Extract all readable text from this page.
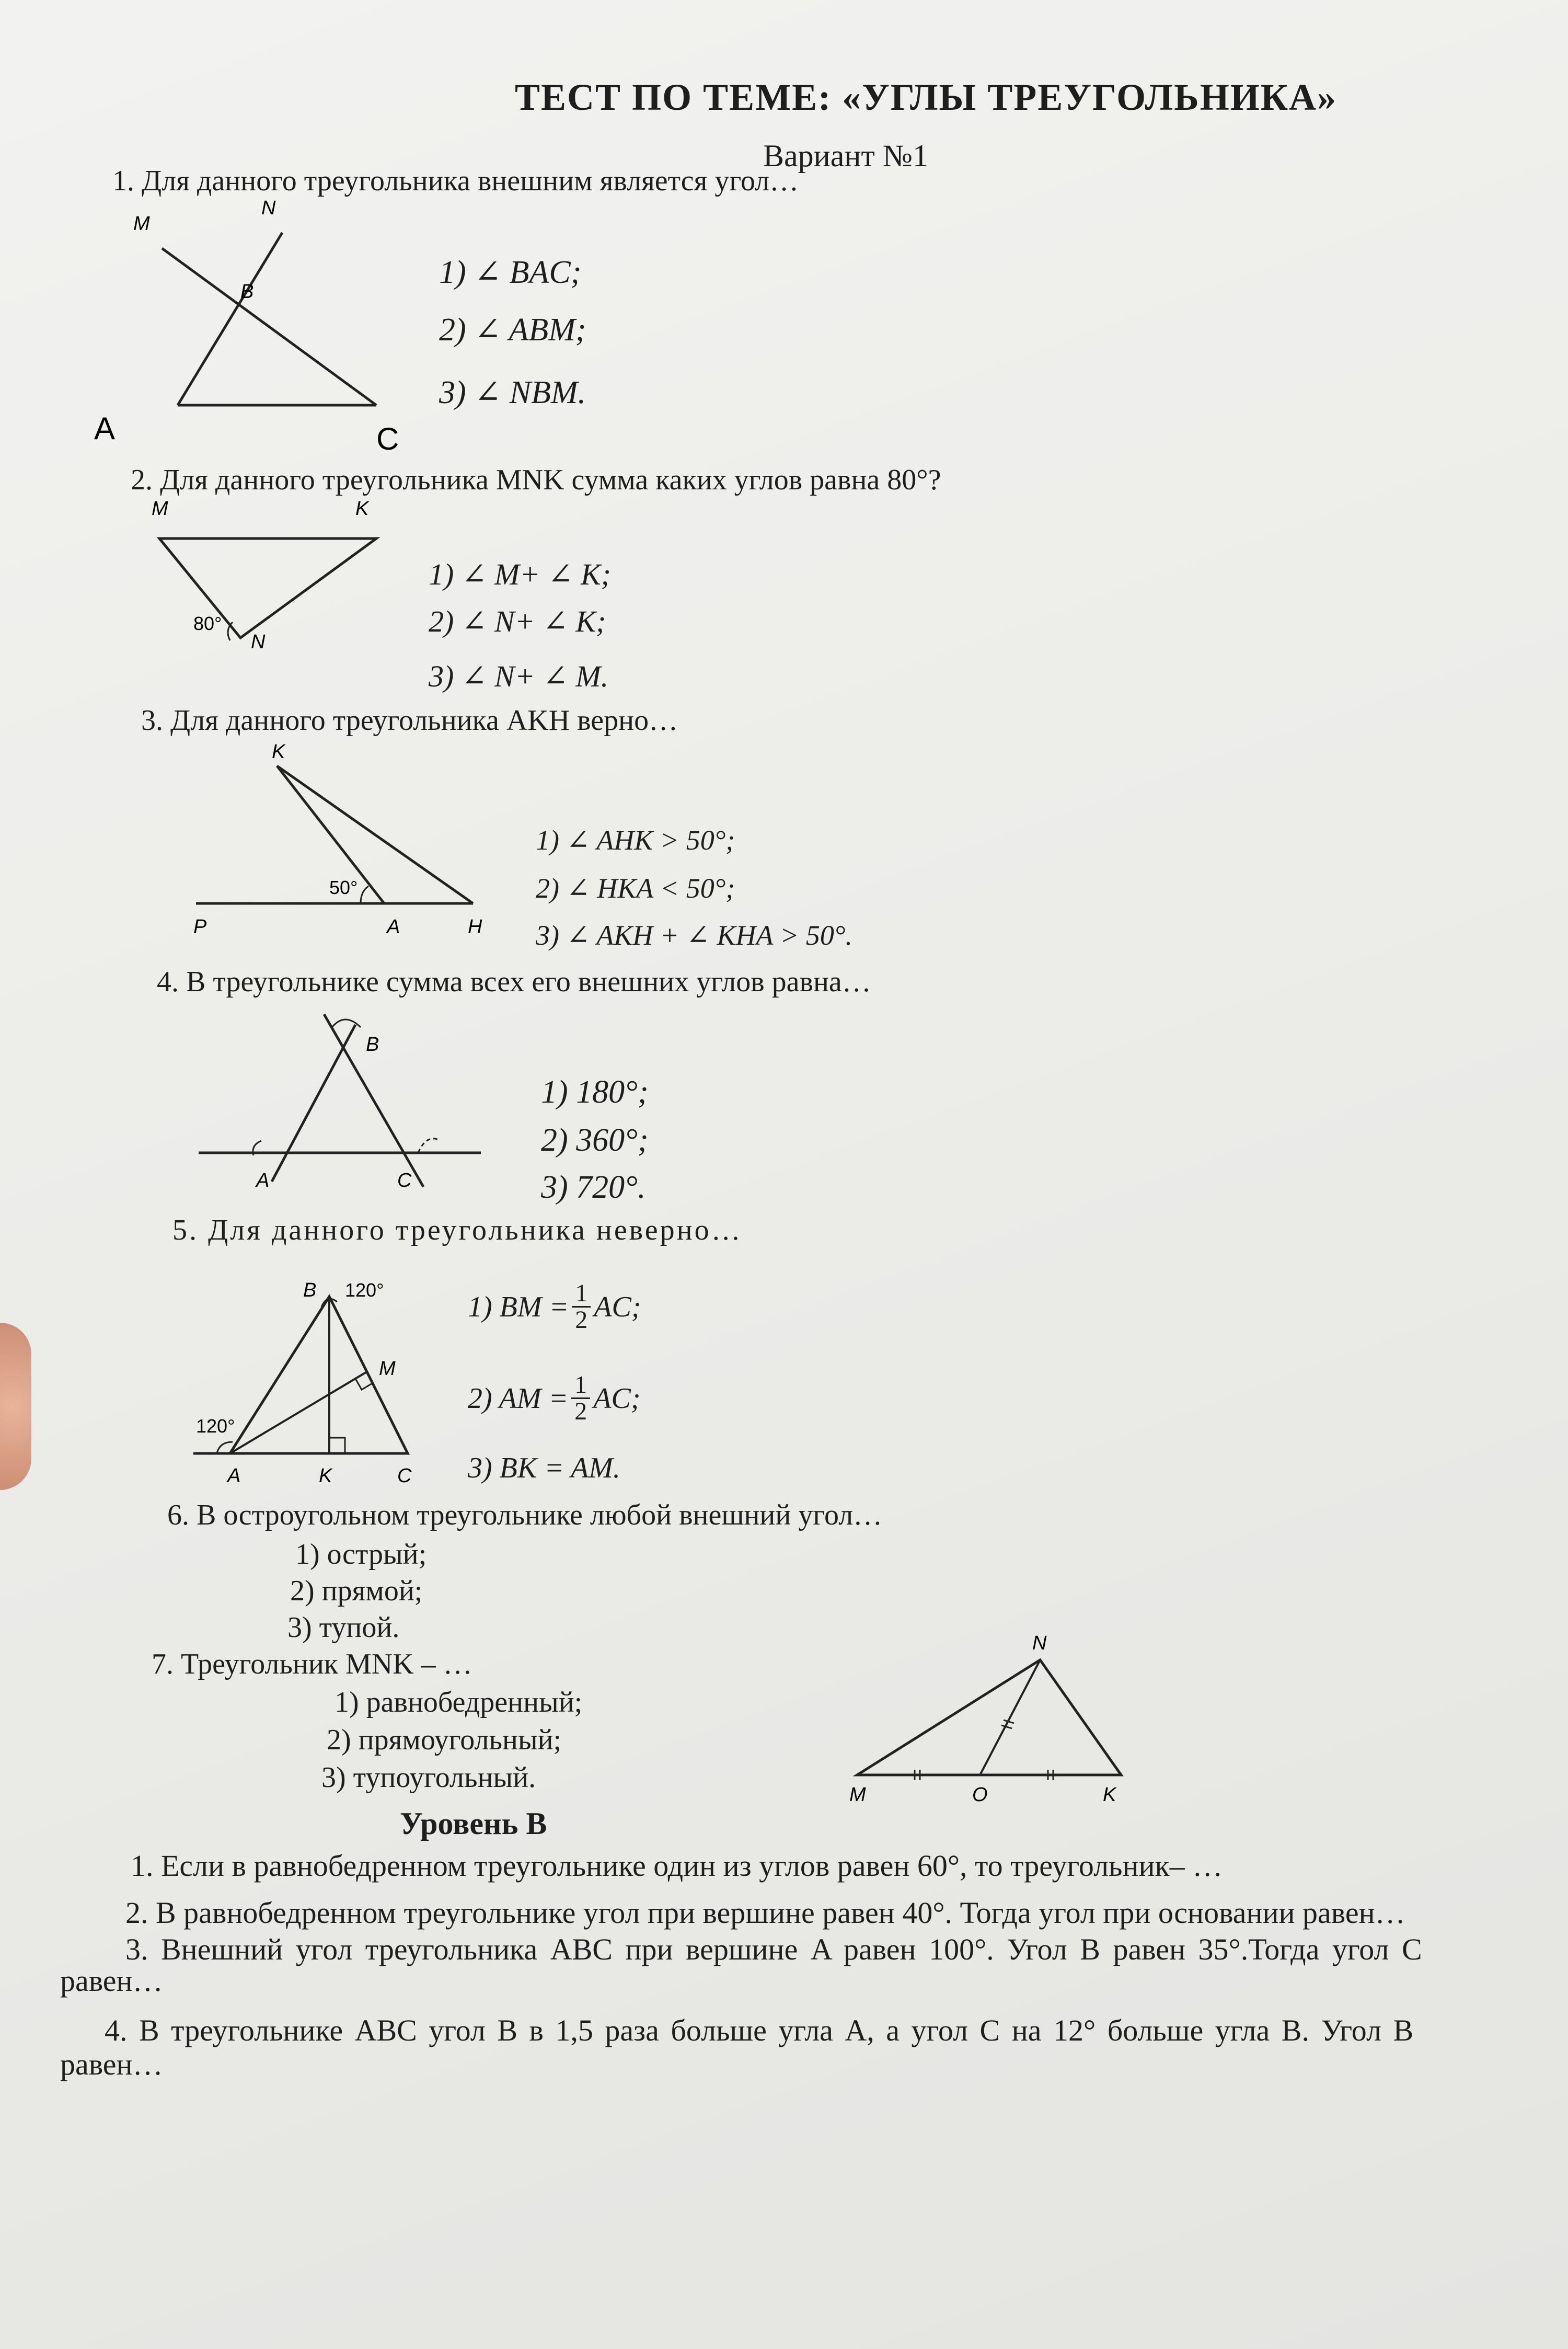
ТЕСТ ПО ТЕМЕ: «УГЛЫ ТРЕУГОЛЬНИКА»
Вариант №1
1. Для данного треугольника внешним является угол…
M
N
B
A	C
1) ∠ BAC;
2) ∠ ABM;
3) ∠ NBM.
2. Для данного треугольника MNK сумма каких углов равна 80°?
M	K
N
80°
1) ∠ M+ ∠ K;
2) ∠ N+ ∠ K;
3) ∠ N+ ∠ M.
3. Для данного треугольника AKH верно…
K
P	A	H
50°
1) ∠ AHK > 50°;
2) ∠ HKA < 50°;
3) ∠ AKH + ∠ KHA > 50°.
4. В треугольнике сумма всех его внешних углов равна…
B
A	C
1) 180°;
2) 360°;
3) 720°.
5. Для данного треугольника неверно…
B 120°
M
120°
A	K	C
1) BM = $\frac{1}{2}$ AC;
2) AM = $\frac{1}{2}$ AC;
3) BK = AM.
6. В остроугольном треугольнике любой внешний угол…
1) острый;
2) прямой;
3) тупой.
7. Треугольник MNK – …
1) равнобедренный;
2) прямоугольный;
3) тупоугольный.
N
M	O	K
Уровень В
1. Если в равнобедренном треугольнике один из углов равен 60°, то треугольник– …
2. В равнобедренном треугольнике угол при вершине равен 40°. Тогда угол при основании равен…
3. Внешний угол треугольника ABC при вершине A равен 100°. Угол B равен 35°.Тогда угол C
равен…
4. В треугольнике ABC угол B в 1,5 раза больше угла A, а угол C на 12° больше угла B. Угол B
равен…
